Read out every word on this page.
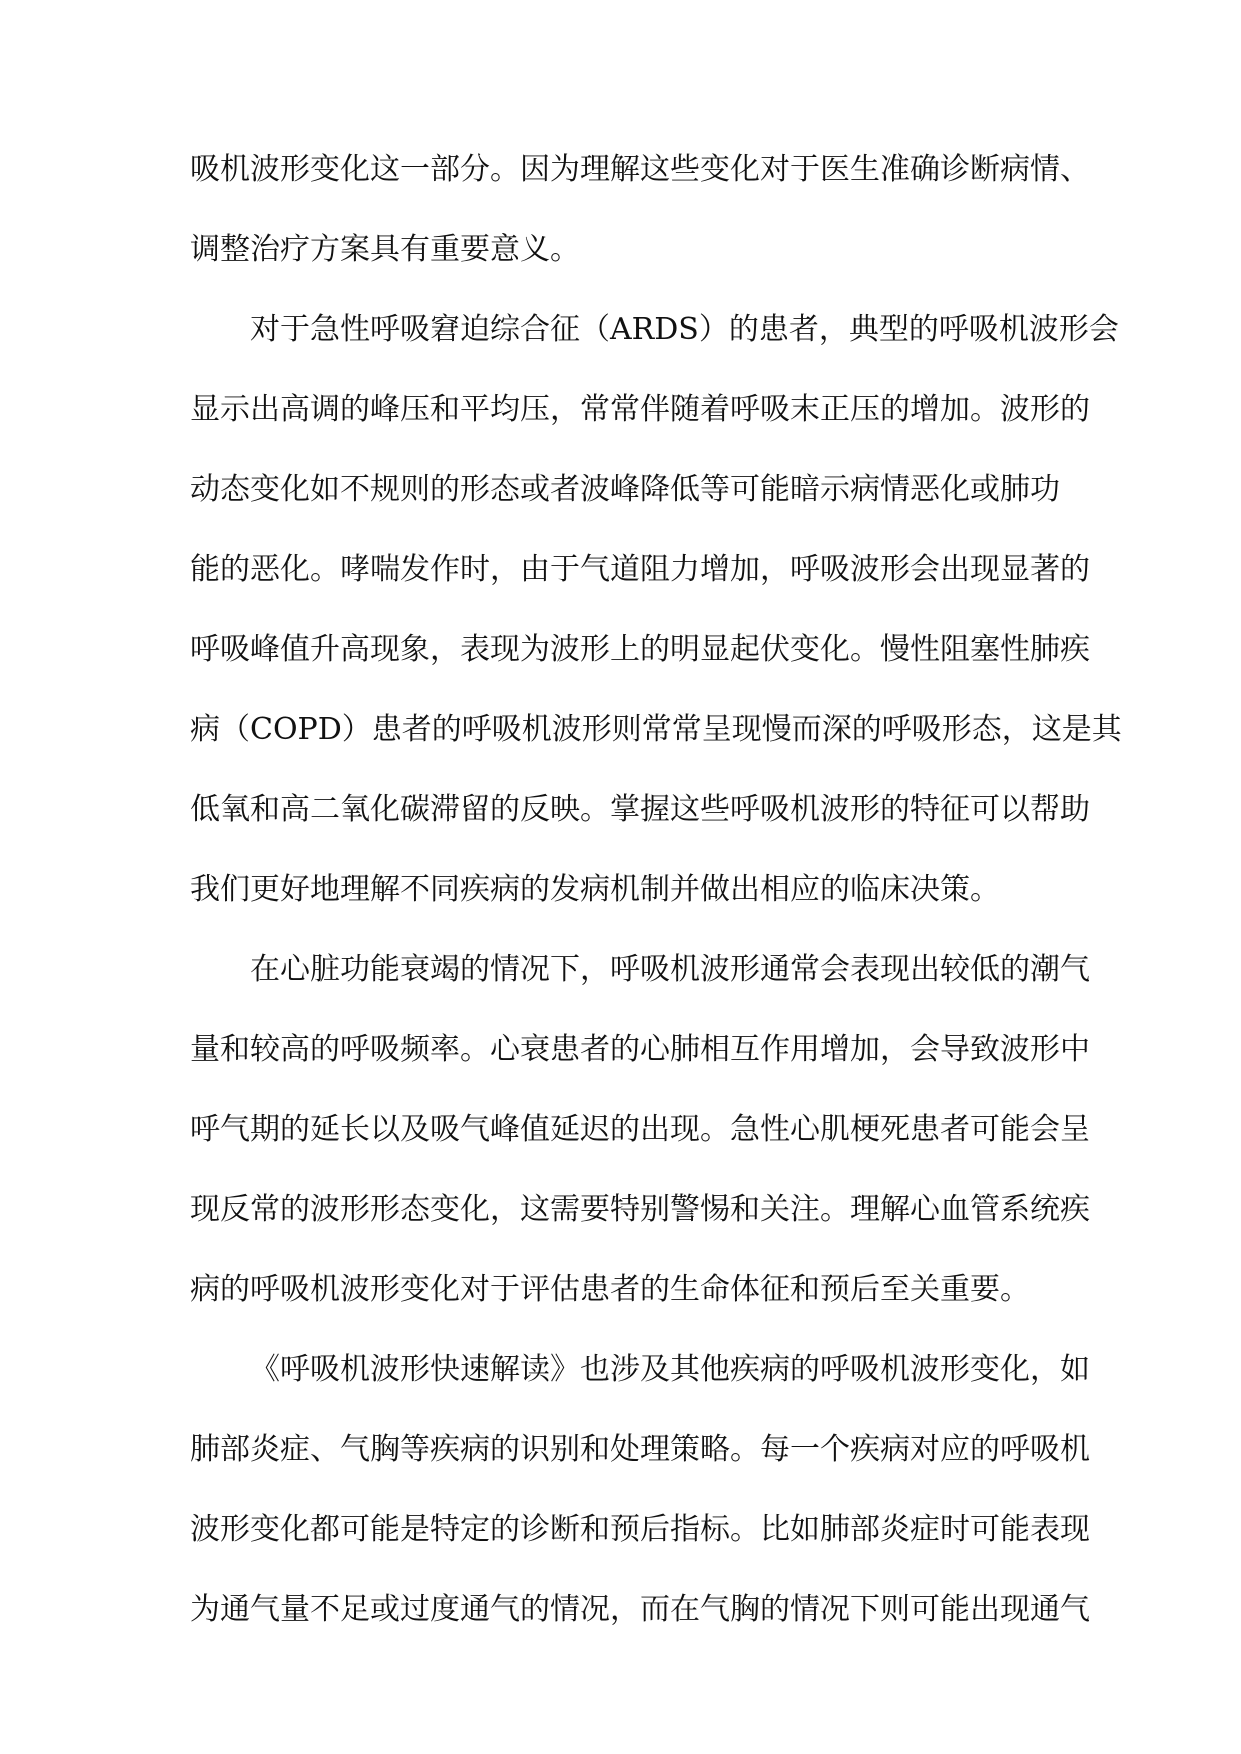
吸机波形变化这一部分。因为理解这些变化对于医生准确诊断病情、
调整治疗方案具有重要意义。
对于急性呼吸窘迫综合征（ARDS）的患者，典型的呼吸机波形会
显示出高调的峰压和平均压，常常伴随着呼吸末正压的增加。波形的
动态变化如不规则的形态或者波峰降低等可能暗示病情恶化或肺功
能的恶化。哮喘发作时，由于气道阻力增加，呼吸波形会出现显著的
呼吸峰值升高现象，表现为波形上的明显起伏变化。慢性阻塞性肺疾
病（COPD）患者的呼吸机波形则常常呈现慢而深的呼吸形态，这是其
低氧和高二氧化碳滞留的反映。掌握这些呼吸机波形的特征可以帮助
我们更好地理解不同疾病的发病机制并做出相应的临床决策。
在心脏功能衰竭的情况下，呼吸机波形通常会表现出较低的潮气
量和较高的呼吸频率。心衰患者的心肺相互作用增加，会导致波形中
呼气期的延长以及吸气峰值延迟的出现。急性心肌梗死患者可能会呈
现反常的波形形态变化，这需要特别警惕和关注。理解心血管系统疾
病的呼吸机波形变化对于评估患者的生命体征和预后至关重要。
《呼吸机波形快速解读》也涉及其他疾病的呼吸机波形变化，如
肺部炎症、气胸等疾病的识别和处理策略。每一个疾病对应的呼吸机
波形变化都可能是特定的诊断和预后指标。比如肺部炎症时可能表现
为通气量不足或过度通气的情况，而在气胸的情况下则可能出现通气
